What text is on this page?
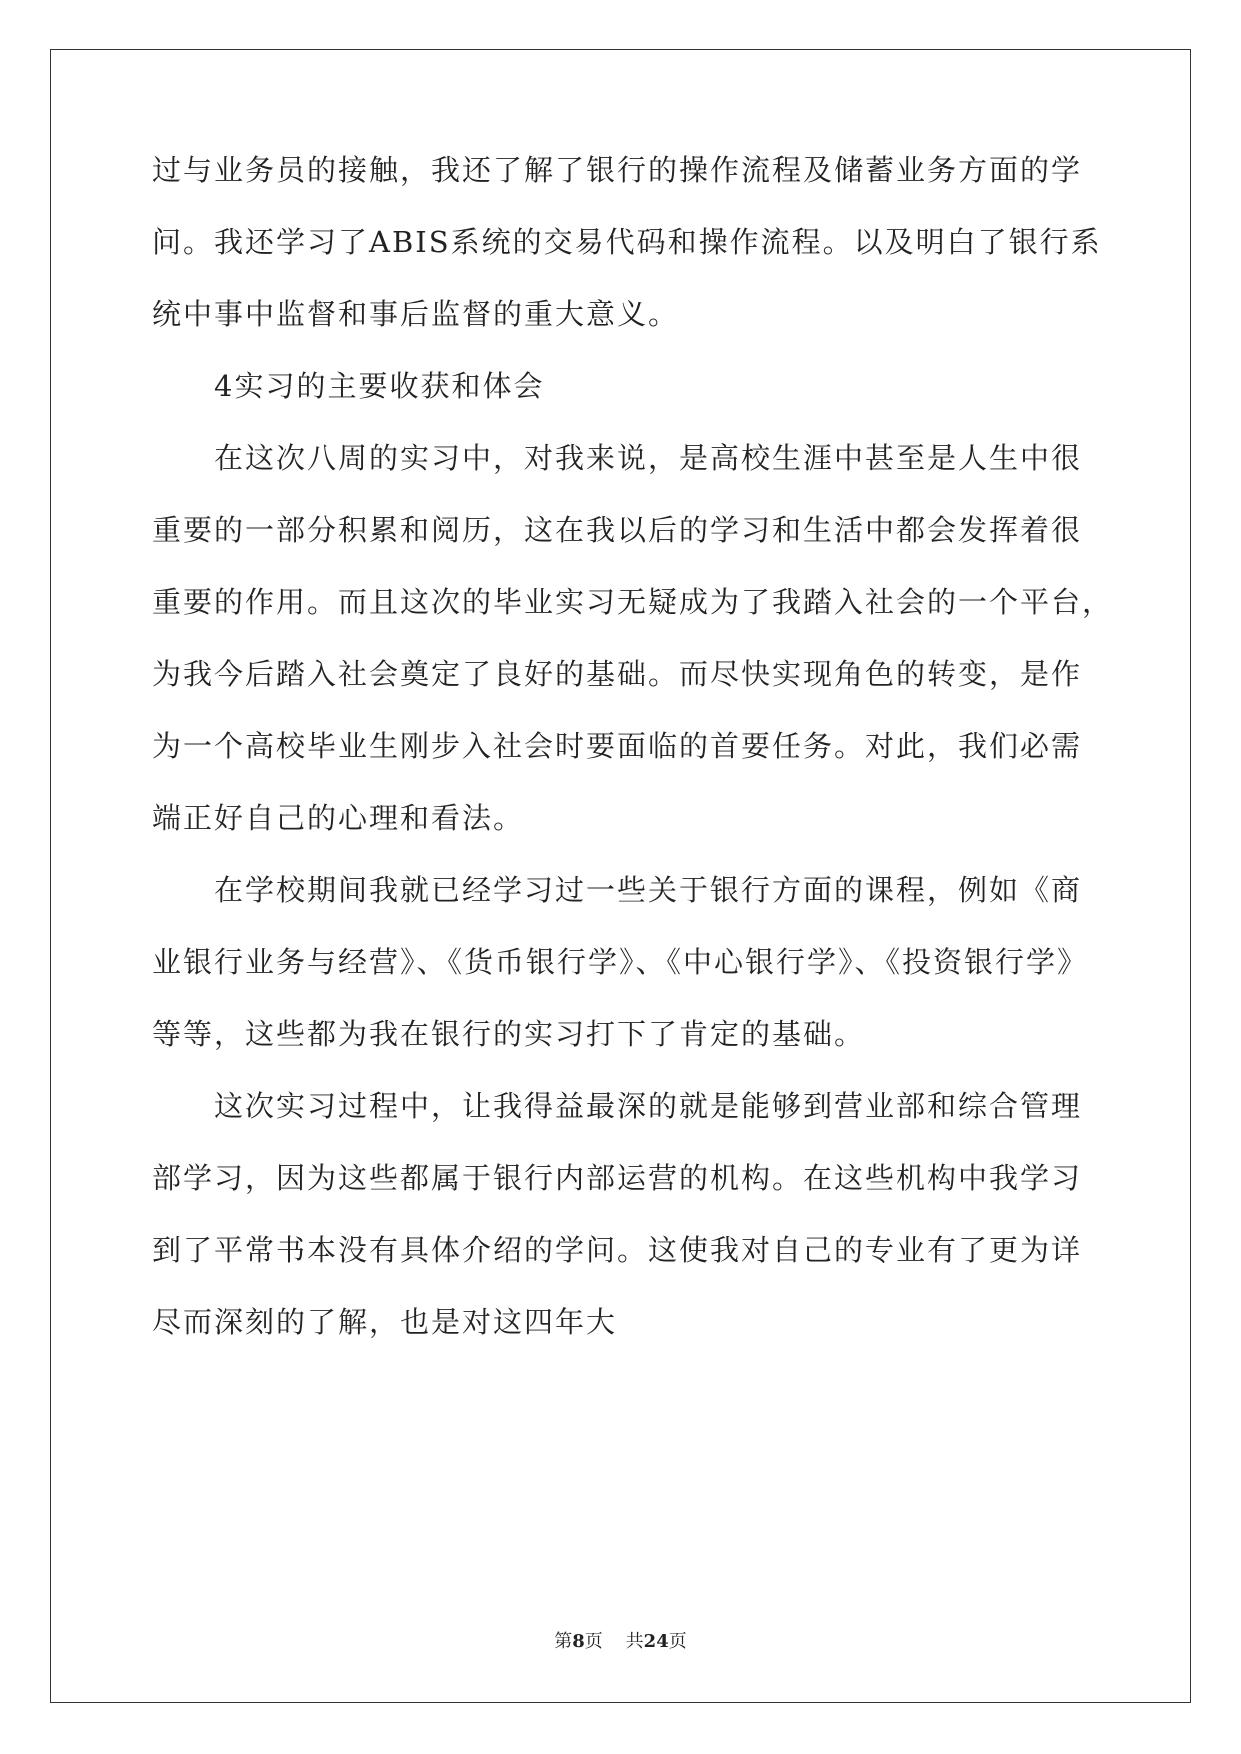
过与业务员的接触，我还了解了银行的操作流程及储蓄业务方面的学
问。我还学习了ABIS系统的交易代码和操作流程。以及明白了银行系
统中事中监督和事后监督的重大意义。
4实习的主要收获和体会
在这次八周的实习中，对我来说，是高校生涯中甚至是人生中很
重要的一部分积累和阅历，这在我以后的学习和生活中都会发挥着很
重要的作用。而且这次的毕业实习无疑成为了我踏入社会的一个平台，
为我今后踏入社会奠定了良好的基础。而尽快实现角色的转变，是作
为一个高校毕业生刚步入社会时要面临的首要任务。对此，我们必需
端正好自己的心理和看法。
在学校期间我就已经学习过一些关于银行方面的课程，例如《商
业银行业务与经营》、《货币银行学》、《中心银行学》、《投资银行学》
等等，这些都为我在银行的实习打下了肯定的基础。
这次实习过程中，让我得益最深的就是能够到营业部和综合管理
部学习，因为这些都属于银行内部运营的机构。在这些机构中我学习
到了平常书本没有具体介绍的学问。这使我对自己的专业有了更为详
尽而深刻的了解，也是对这四年大
第8页 共24页
